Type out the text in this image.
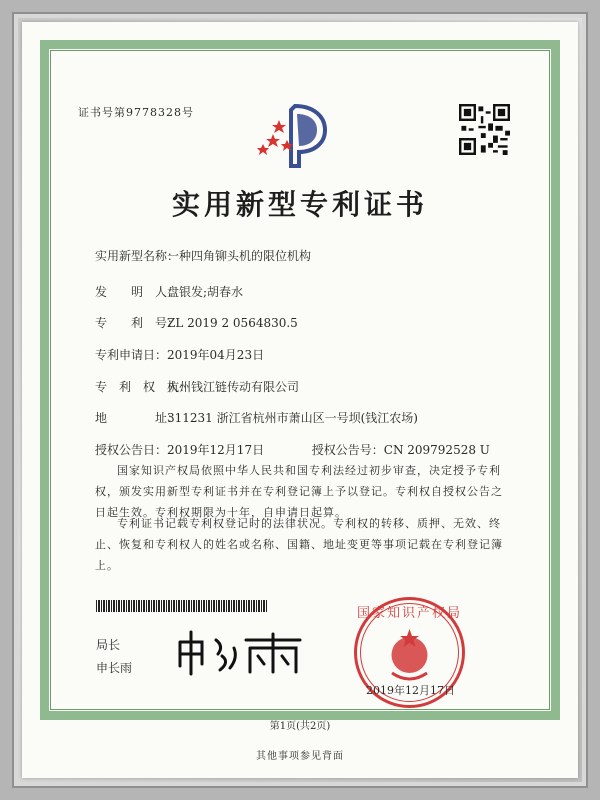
证书号第9778328号
实用新型专利证书
实用新型名称：一种四角铆头机的限位机构
发　　明　人：盘银发;胡春水
专　　利　号：ZL 2019 2 0564830.5
专利申请日：2019年04月23日
专　利　权　人：杭州钱江链传动有限公司
地　　　　址：311231 浙江省杭州市萧山区一号坝(钱江农场)
授权公告日：2019年12月17日	授权公告号：CN 209792528 U
国家知识产权局依照中华人民共和国专利法经过初步审查，决定授予专利权，颁发实用新型专利证书并在专利登记簿上予以登记。专利权自授权公告之日起生效。专利权期限为十年，自申请日起算。
专利证书记载专利权登记时的法律状况。专利权的转移、质押、无效、终止、恢复和专利权人的姓名或名称、国籍、地址变更等事项记载在专利登记簿上。
局长
申长雨
国家知识产权局
2019年12月17日
第1页(共2页)
其他事项参见背面
